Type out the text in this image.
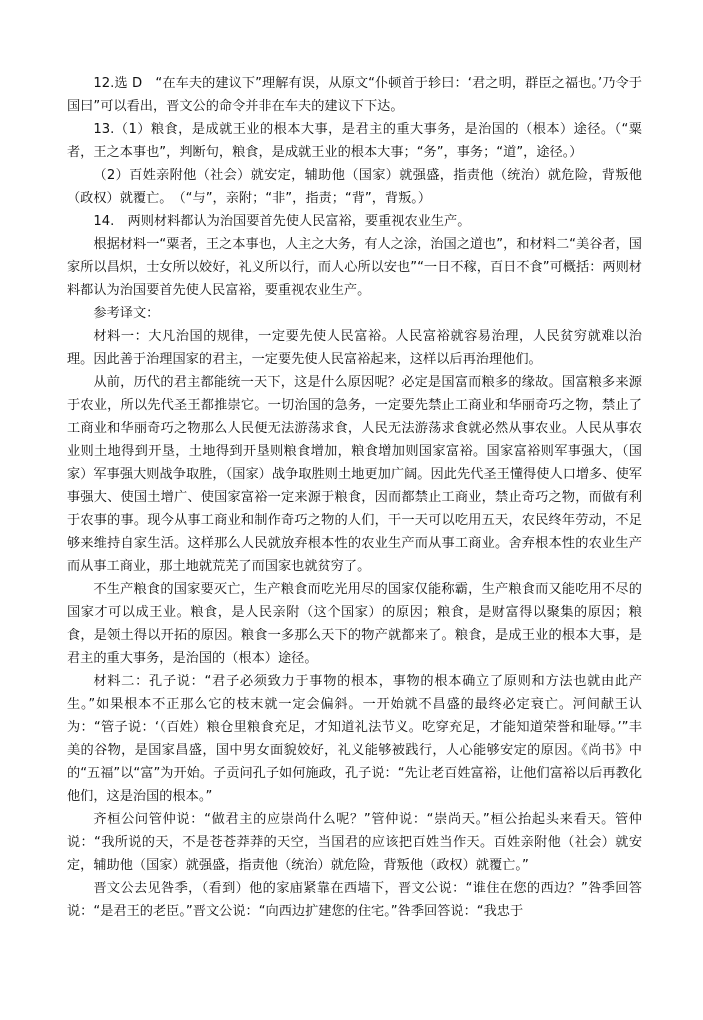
12.选 D　“在车夫的建议下”理解有误，从原文“仆顿首于轸曰：‘君之明，群臣之福也。’乃令于国曰”可以看出，晋文公的命令并非在车夫的建议下下达。

13.（1）粮食，是成就王业的根本大事，是君主的重大事务，是治国的（根本）途径。（“粟者，王之本事也”，判断句，粮食，是成就王业的根本大事；“务”，事务；“道”，途径。）

（2）百姓亲附他（社会）就安定，辅助他（国家）就强盛，指责他（统治）就危险，背叛他（政权）就覆亡。　（“与”，亲附；“非”，指责；“背”，背叛。）

14.　两则材料都认为治国要首先使人民富裕，要重视农业生产。

根据材料一“粟者，王之本事也，人主之大务，有人之涂，治国之道也”，和材料二“美谷者，国家所以昌炽，士女所以姣好，礼义所以行，而人心所以安也”“一日不稼，百日不食”可概括：两则材料都认为治国要首先使人民富裕，要重视农业生产。

参考译文：

材料一：大凡治国的规律，一定要先使人民富裕。人民富裕就容易治理，人民贫穷就难以治理。因此善于治理国家的君主，一定要先使人民富裕起来，这样以后再治理他们。

从前，历代的君主都能统一天下，这是什么原因呢？必定是国富而粮多的缘故。国富粮多来源于农业，所以先代圣王都推崇它。一切治国的急务，一定要先禁止工商业和华丽奇巧之物，禁止了工商业和华丽奇巧之物那么人民便无法游荡求食，人民无法游荡求食就必然从事农业。人民从事农业则土地得到开垦，土地得到开垦则粮食增加，粮食增加则国家富裕。国家富裕则军事强大，（国家）军事强大则战争取胜，（国家）战争取胜则土地更加广阔。因此先代圣王懂得使人口增多、使军事强大、使国土增广、使国家富裕一定来源于粮食，因而都禁止工商业，禁止奇巧之物，而做有利于农事的事。现今从事工商业和制作奇巧之物的人们，干一天可以吃用五天，农民终年劳动，不足够来维持自家生活。这样那么人民就放弃根本性的农业生产而从事工商业。舍弃根本性的农业生产而从事工商业，那土地就荒芜了而国家也就贫穷了。

不生产粮食的国家要灭亡，生产粮食而吃光用尽的国家仅能称霸，生产粮食而又能吃用不尽的国家才可以成王业。粮食，是人民亲附（这个国家）的原因；粮食，是财富得以聚集的原因；粮食，是领土得以开拓的原因。粮食一多那么天下的物产就都来了。粮食，是成王业的根本大事，是君主的重大事务，是治国的（根本）途径。

材料二：孔子说：“君子必须致力于事物的根本，事物的根本确立了原则和方法也就由此产生。”如果根本不正那么它的枝末就一定会偏斜。一开始就不昌盛的最终必定衰亡。河间献王认为：“管子说：‘（百姓）粮仓里粮食充足，才知道礼法节义。吃穿充足，才能知道荣誉和耻辱。’”丰美的谷物，是国家昌盛，国中男女面貌姣好，礼义能够被践行，人心能够安定的原因。《尚书》中的“五福”以“富”为开始。子贡问孔子如何施政，孔子说：“先让老百姓富裕，让他们富裕以后再教化他们，这是治国的根本。”

齐桓公问管仲说：“做君主的应崇尚什么呢？”管仲说：“崇尚天。”桓公抬起头来看天。管仲说：“我所说的天，不是苍苍莽莽的天空，当国君的应该把百姓当作天。百姓亲附他（社会）就安定，辅助他（国家）就强盛，指责他（统治）就危险，背叛他（政权）就覆亡。”

晋文公去见咎季，（看到）他的家庙紧靠在西墙下，晋文公说：“谁住在您的西边？”咎季回答说：“是君王的老臣。”晋文公说：“向西边扩建您的住宅。”咎季回答说：“我忠于
